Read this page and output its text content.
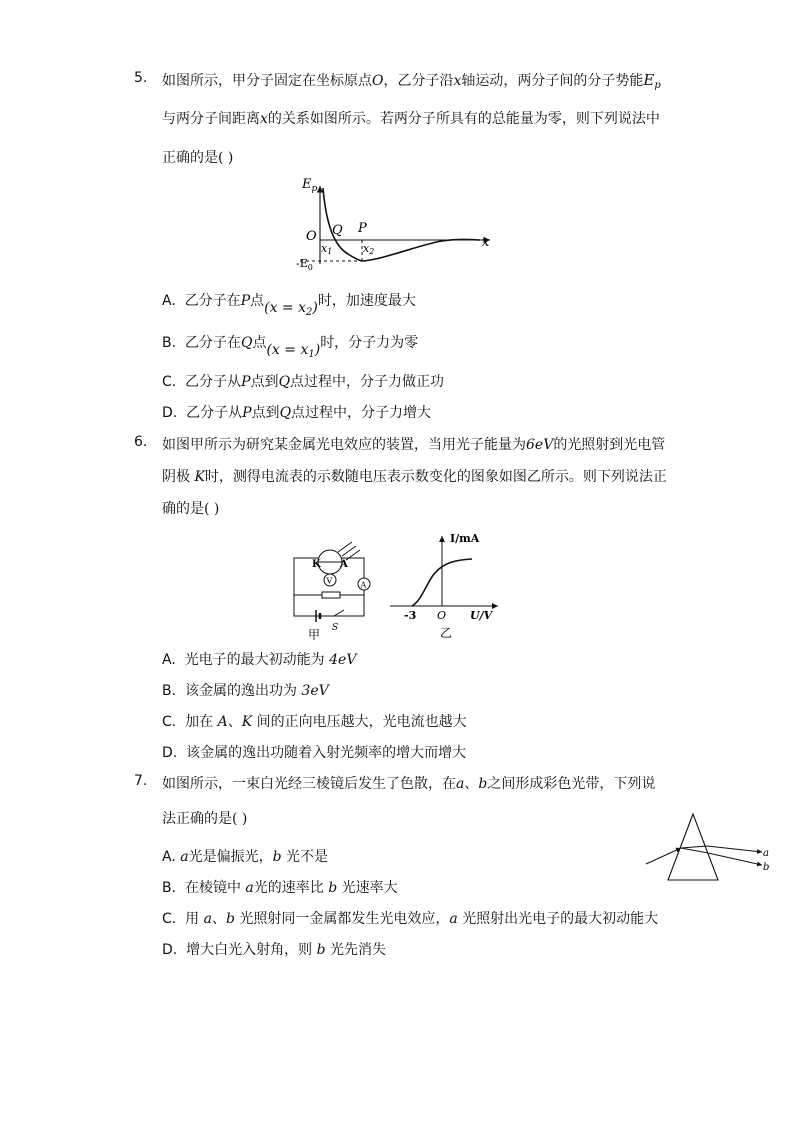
5. 如图所示，甲分子固定在坐标原点O，乙分子沿x轴运动，两分子间的分子势能$E_p$
与两分子间距离x的关系如图所示。若两分子所具有的总能量为零，则下列说法中
正确的是( )
$E_p$
O
$-E_0$
Q P
x1	x2
x
A. 乙分子在P点$(x = x_2)$时，加速度最大
B. 乙分子在Q点$(x = x_1)$时，分子力为零
C. 乙分子从P点到Q点过程中，分子力做正功
D. 乙分子从P点到Q点过程中，分子力增大
6. 如图甲所示为研究某金属光电效应的装置，当用光子能量为6eV的光照射到光电管
阴极 K时，测得电流表的示数随电压表示数变化的图象如图乙所示。则下列说法正
确的是( )
K A
V	A
S
甲
I/mA
U/V
-3 O
乙
A. 光电子的最大初动能为 4eV
B. 该金属的逸出功为 3eV
C. 加在 A、K 间的正向电压越大，光电流也越大
D. 该金属的逸出功随着入射光频率的增大而增大
7. 如图所示，一束白光经三棱镜后发生了色散，在a、b之间形成彩色光带，下列说
法正确的是( )
a
b
A. a光是偏振光，b 光不是
B. 在棱镜中 a光的速率比 b 光速率大
C. 用 a、b 光照射同一金属都发生光电效应，a 光照射出光电子的最大初动能大
D. 增大白光入射角，则 b 光先消失
